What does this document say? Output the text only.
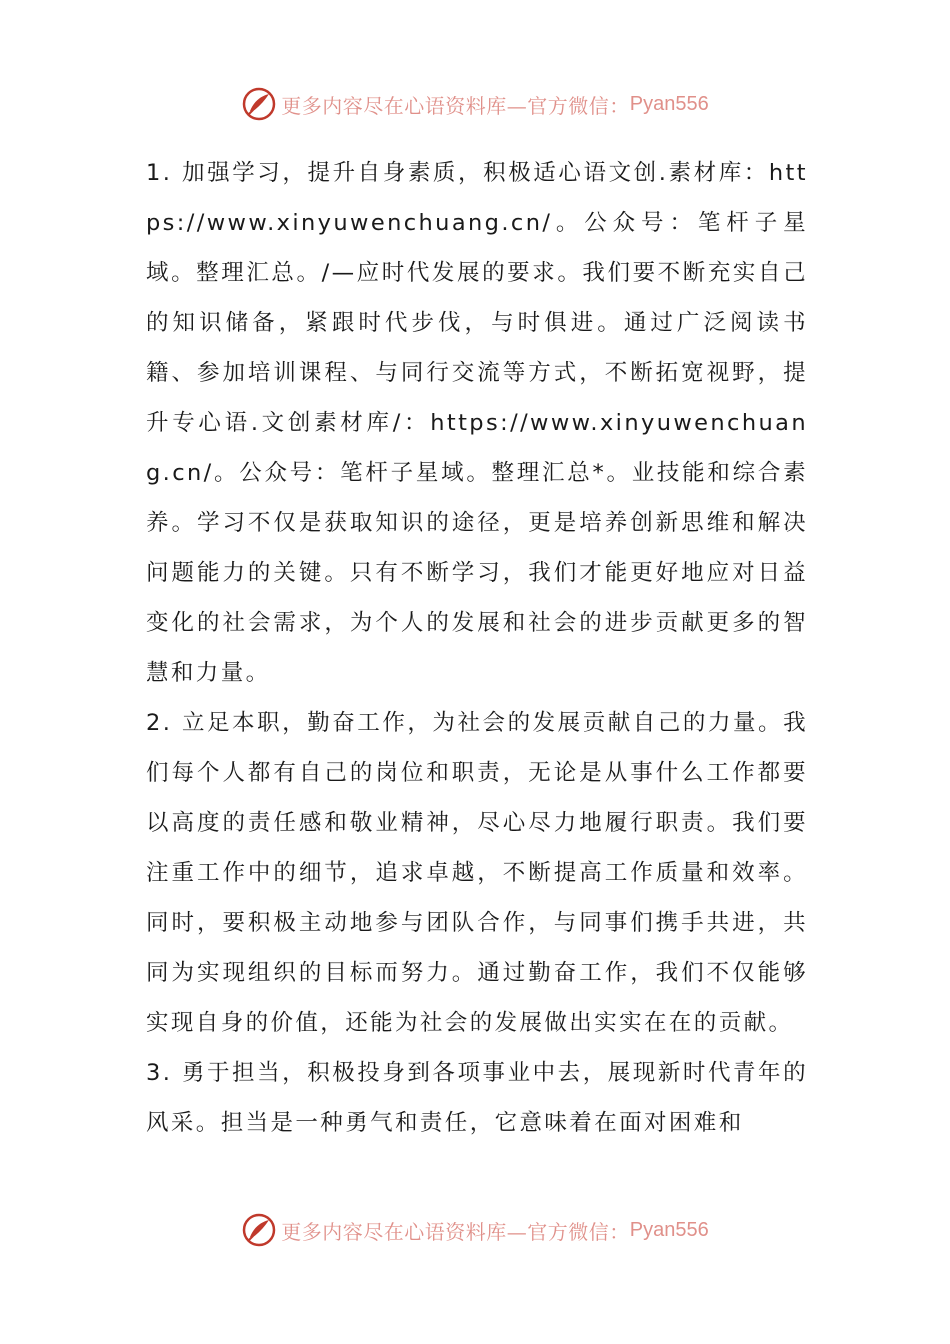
更多内容尽在心语资料库—官方微信： Pyan556

1. 加强学习，提升自身素质，积极适心语文创.素材库：https://www.xinyuwenchuang.cn/。公众号：笔杆子星域。整理汇总。/—应时代发展的要求。我们要不断充实自己的知识储备，紧跟时代步伐，与时俱进。通过广泛阅读书籍、参加培训课程、与同行交流等方式，不断拓宽视野，提升专心语.文创素材库/：https://www.xinyuwenchuang.cn/。公众号：笔杆子星域。整理汇总*。业技能和综合素养。学习不仅是获取知识的途径，更是培养创新思维和解决问题能力的关键。只有不断学习，我们才能更好地应对日益变化的社会需求，为个人的发展和社会的进步贡献更多的智慧和力量。

2. 立足本职，勤奋工作，为社会的发展贡献自己的力量。我们每个人都有自己的岗位和职责，无论是从事什么工作都要以高度的责任感和敬业精神，尽心尽力地履行职责。我们要注重工作中的细节，追求卓越，不断提高工作质量和效率。同时，要积极主动地参与团队合作，与同事们携手共进，共同为实现组织的目标而努力。通过勤奋工作，我们不仅能够实现自身的价值，还能为社会的发展做出实实在在的贡献。

3. 勇于担当，积极投身到各项事业中去，展现新时代青年的风采。担当是一种勇气和责任，它意味着在面对困难和

更多内容尽在心语资料库—官方微信： Pyan556
